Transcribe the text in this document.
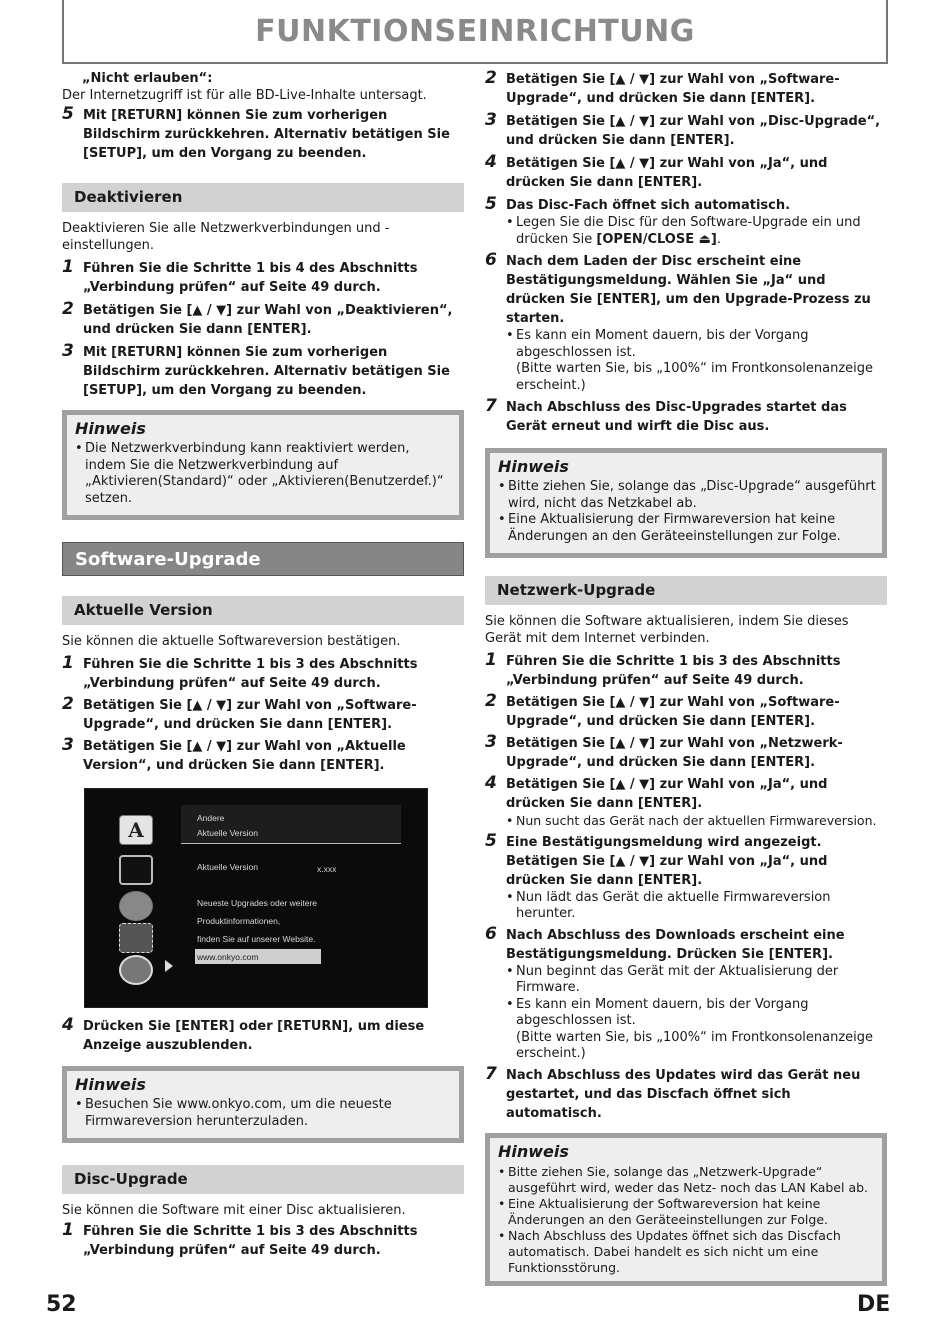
FUNKTIONSEINRICHTUNG
„Nicht erlauben“:
Der Internetzugriff ist für alle BD-Live-Inhalte untersagt.
5 Mit [RETURN] können Sie zum vorherigen Bildschirm zurückkehren. Alternativ betätigen Sie [SETUP], um den Vorgang zu beenden.
Deaktivieren
Deaktivieren Sie alle Netzwerkverbindungen und -einstellungen.
1 Führen Sie die Schritte 1 bis 4 des Abschnitts „Verbindung prüfen“ auf Seite 49 durch.
2 Betätigen Sie [▲ / ▼] zur Wahl von „Deaktivieren“, und drücken Sie dann [ENTER].
3 Mit [RETURN] können Sie zum vorherigen Bildschirm zurückkehren. Alternativ betätigen Sie [SETUP], um den Vorgang zu beenden.
Hinweis
• Die Netzwerkverbindung kann reaktiviert werden, indem Sie die Netzwerkverbindung auf „Aktivieren(Standard)“ oder „Aktivieren(Benutzerdef.)“ setzen.
Software-Upgrade
Aktuelle Version
Sie können die aktuelle Softwareversion bestätigen.
1 Führen Sie die Schritte 1 bis 3 des Abschnitts „Verbindung prüfen“ auf Seite 49 durch.
2 Betätigen Sie [▲ / ▼] zur Wahl von „Software-Upgrade“, und drücken Sie dann [ENTER].
3 Betätigen Sie [▲ / ▼] zur Wahl von „Aktuelle Version“, und drücken Sie dann [ENTER].
A	Andere
Aktuelle Version
Aktuelle Version	x.xxx
Neueste Upgrades oder weitere
Produktinformationen,
finden Sie auf unserer Website.
www.onkyo.com
4 Drücken Sie [ENTER] oder [RETURN], um diese Anzeige auszublenden.
Hinweis
• Besuchen Sie www.onkyo.com, um die neueste Firmwareversion herunterzuladen.
Disc-Upgrade
Sie können die Software mit einer Disc aktualisieren.
1 Führen Sie die Schritte 1 bis 3 des Abschnitts „Verbindung prüfen“ auf Seite 49 durch.
2 Betätigen Sie [▲ / ▼] zur Wahl von „Software-Upgrade“, und drücken Sie dann [ENTER].
3 Betätigen Sie [▲ / ▼] zur Wahl von „Disc-Upgrade“, und drücken Sie dann [ENTER].
4 Betätigen Sie [▲ / ▼] zur Wahl von „Ja“, und drücken Sie dann [ENTER].
5 Das Disc-Fach öffnet sich automatisch.
• Legen Sie die Disc für den Software-Upgrade ein und drücken Sie [OPEN/CLOSE ⏏].
6 Nach dem Laden der Disc erscheint eine Bestätigungsmeldung. Wählen Sie „Ja“ und drücken Sie [ENTER], um den Upgrade-Prozess zu starten.
• Es kann ein Moment dauern, bis der Vorgang abgeschlossen ist.
(Bitte warten Sie, bis „100%“ im Frontkonsolenanzeige erscheint.)
7 Nach Abschluss des Disc-Upgrades startet das Gerät erneut und wirft die Disc aus.
Hinweis
• Bitte ziehen Sie, solange das „Disc-Upgrade“ ausgeführt wird, nicht das Netzkabel ab.
• Eine Aktualisierung der Firmwareversion hat keine Änderungen an den Geräteeinstellungen zur Folge.
Netzwerk-Upgrade
Sie können die Software aktualisieren, indem Sie dieses Gerät mit dem Internet verbinden.
1 Führen Sie die Schritte 1 bis 3 des Abschnitts „Verbindung prüfen“ auf Seite 49 durch.
2 Betätigen Sie [▲ / ▼] zur Wahl von „Software-Upgrade“, und drücken Sie dann [ENTER].
3 Betätigen Sie [▲ / ▼] zur Wahl von „Netzwerk-Upgrade“, und drücken Sie dann [ENTER].
4 Betätigen Sie [▲ / ▼] zur Wahl von „Ja“, und drücken Sie dann [ENTER].
• Nun sucht das Gerät nach der aktuellen Firmwareversion.
5 Eine Bestätigungsmeldung wird angezeigt. Betätigen Sie [▲ / ▼] zur Wahl von „Ja“, und drücken Sie dann [ENTER].
• Nun lädt das Gerät die aktuelle Firmwareversion herunter.
6 Nach Abschluss des Downloads erscheint eine Bestätigungsmeldung. Drücken Sie [ENTER].
• Nun beginnt das Gerät mit der Aktualisierung der Firmware.
• Es kann ein Moment dauern, bis der Vorgang abgeschlossen ist.
(Bitte warten Sie, bis „100%“ im Frontkonsolenanzeige erscheint.)
7 Nach Abschluss des Updates wird das Gerät neu gestartet, und das Discfach öffnet sich automatisch.
Hinweis
• Bitte ziehen Sie, solange das „Netzwerk-Upgrade“ ausgeführt wird, weder das Netz- noch das LAN Kabel ab.
• Eine Aktualisierung der Softwareversion hat keine Änderungen an den Geräteeinstellungen zur Folge.
• Nach Abschluss des Updates öffnet sich das Discfach automatisch. Dabei handelt es sich nicht um eine Funktionsstörung.
52	DE
